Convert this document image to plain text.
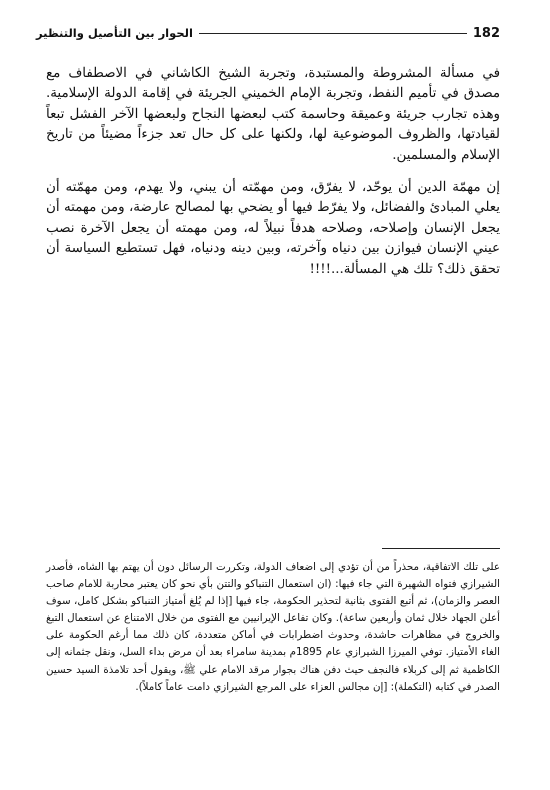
الحوار بين التأصيل والتنظير	182

في مسألة المشروطة والمستبدة، وتجربة الشيخ الكاشاني في الاصطفاف مع مصدق في تأميم النفط، وتجربة الإمام الخميني الجريئة في إقامة الدولة الإسلامية. وهذه تجارب جريئة وعميقة وحاسمة كتب لبعضها النجاح ولبعضها الآخر الفشل تبعاً لقيادتها، والظروف الموضوعية لها، ولكنها على كل حال تعد جزءاً مضيئاً من تاريخ الإسلام والمسلمين.

إن مهمّة الدين أن يوحّد، لا يفرّق، ومن مهمّته أن يبني، ولا يهدم، ومن مهمّته أن يعلي المبادئ والفضائل، ولا يفرّط فيها أو يضحي بها لمصالح عارضة، ومن مهمته أن يجعل الإنسان وإصلاحه، وصلاحه هدفاً نبيلاً له، ومن مهمته أن يجعل الآخرة نصب عيني الإنسان فيوازن بين دنياه وآخرته، وبين دينه ودنياه، فهل تستطيع السياسة أن تحقق ذلك؟ تلك هي المسألة...!!!!

على تلك الاتفاقية، محذراً من أن تؤدي إلى اضعاف الدولة، وتكررت الرسائل دون أن يهتم بها الشاه، فأصدر الشيرازي فتواه الشهيرة التي جاء فيها: (ان استعمال التنباكو والتتن بأي نحو كان يعتبر محاربة للامام صاحب العصر والزمان)، ثم أتبع الفتوى بثانية لتحذير الحكومة، جاء فيها [إذا لم يُلغ أمتياز التنباكو بشكل كامل، سوف أعلن الجهاد خلال ثمان وأربعين ساعة). وكان تفاعل الإيرانيين مع الفتوى من خلال الامتناع عن استعمال التبغ والخروج في مظاهرات حاشدة، وحدوث اضطرابات في أماكن متعددة، كان ذلك مما أرغم الحكومة على الغاء الأمتياز. توفي الميرزا الشيرازي عام 1895م بمدينة سامراء بعد أن مرض بداء السل، ونقل جثمانه إلى الكاظمية ثم إلى كربلاء فالنجف حيث دفن هناك بجوار مرقد الامام علي ﷺ، ويقول أحد تلامذة السيد حسين الصدر في كتابه (التكملة): [إن مجالس العزاء على المرجع الشيرازي دامت عاماً كاملاً).
